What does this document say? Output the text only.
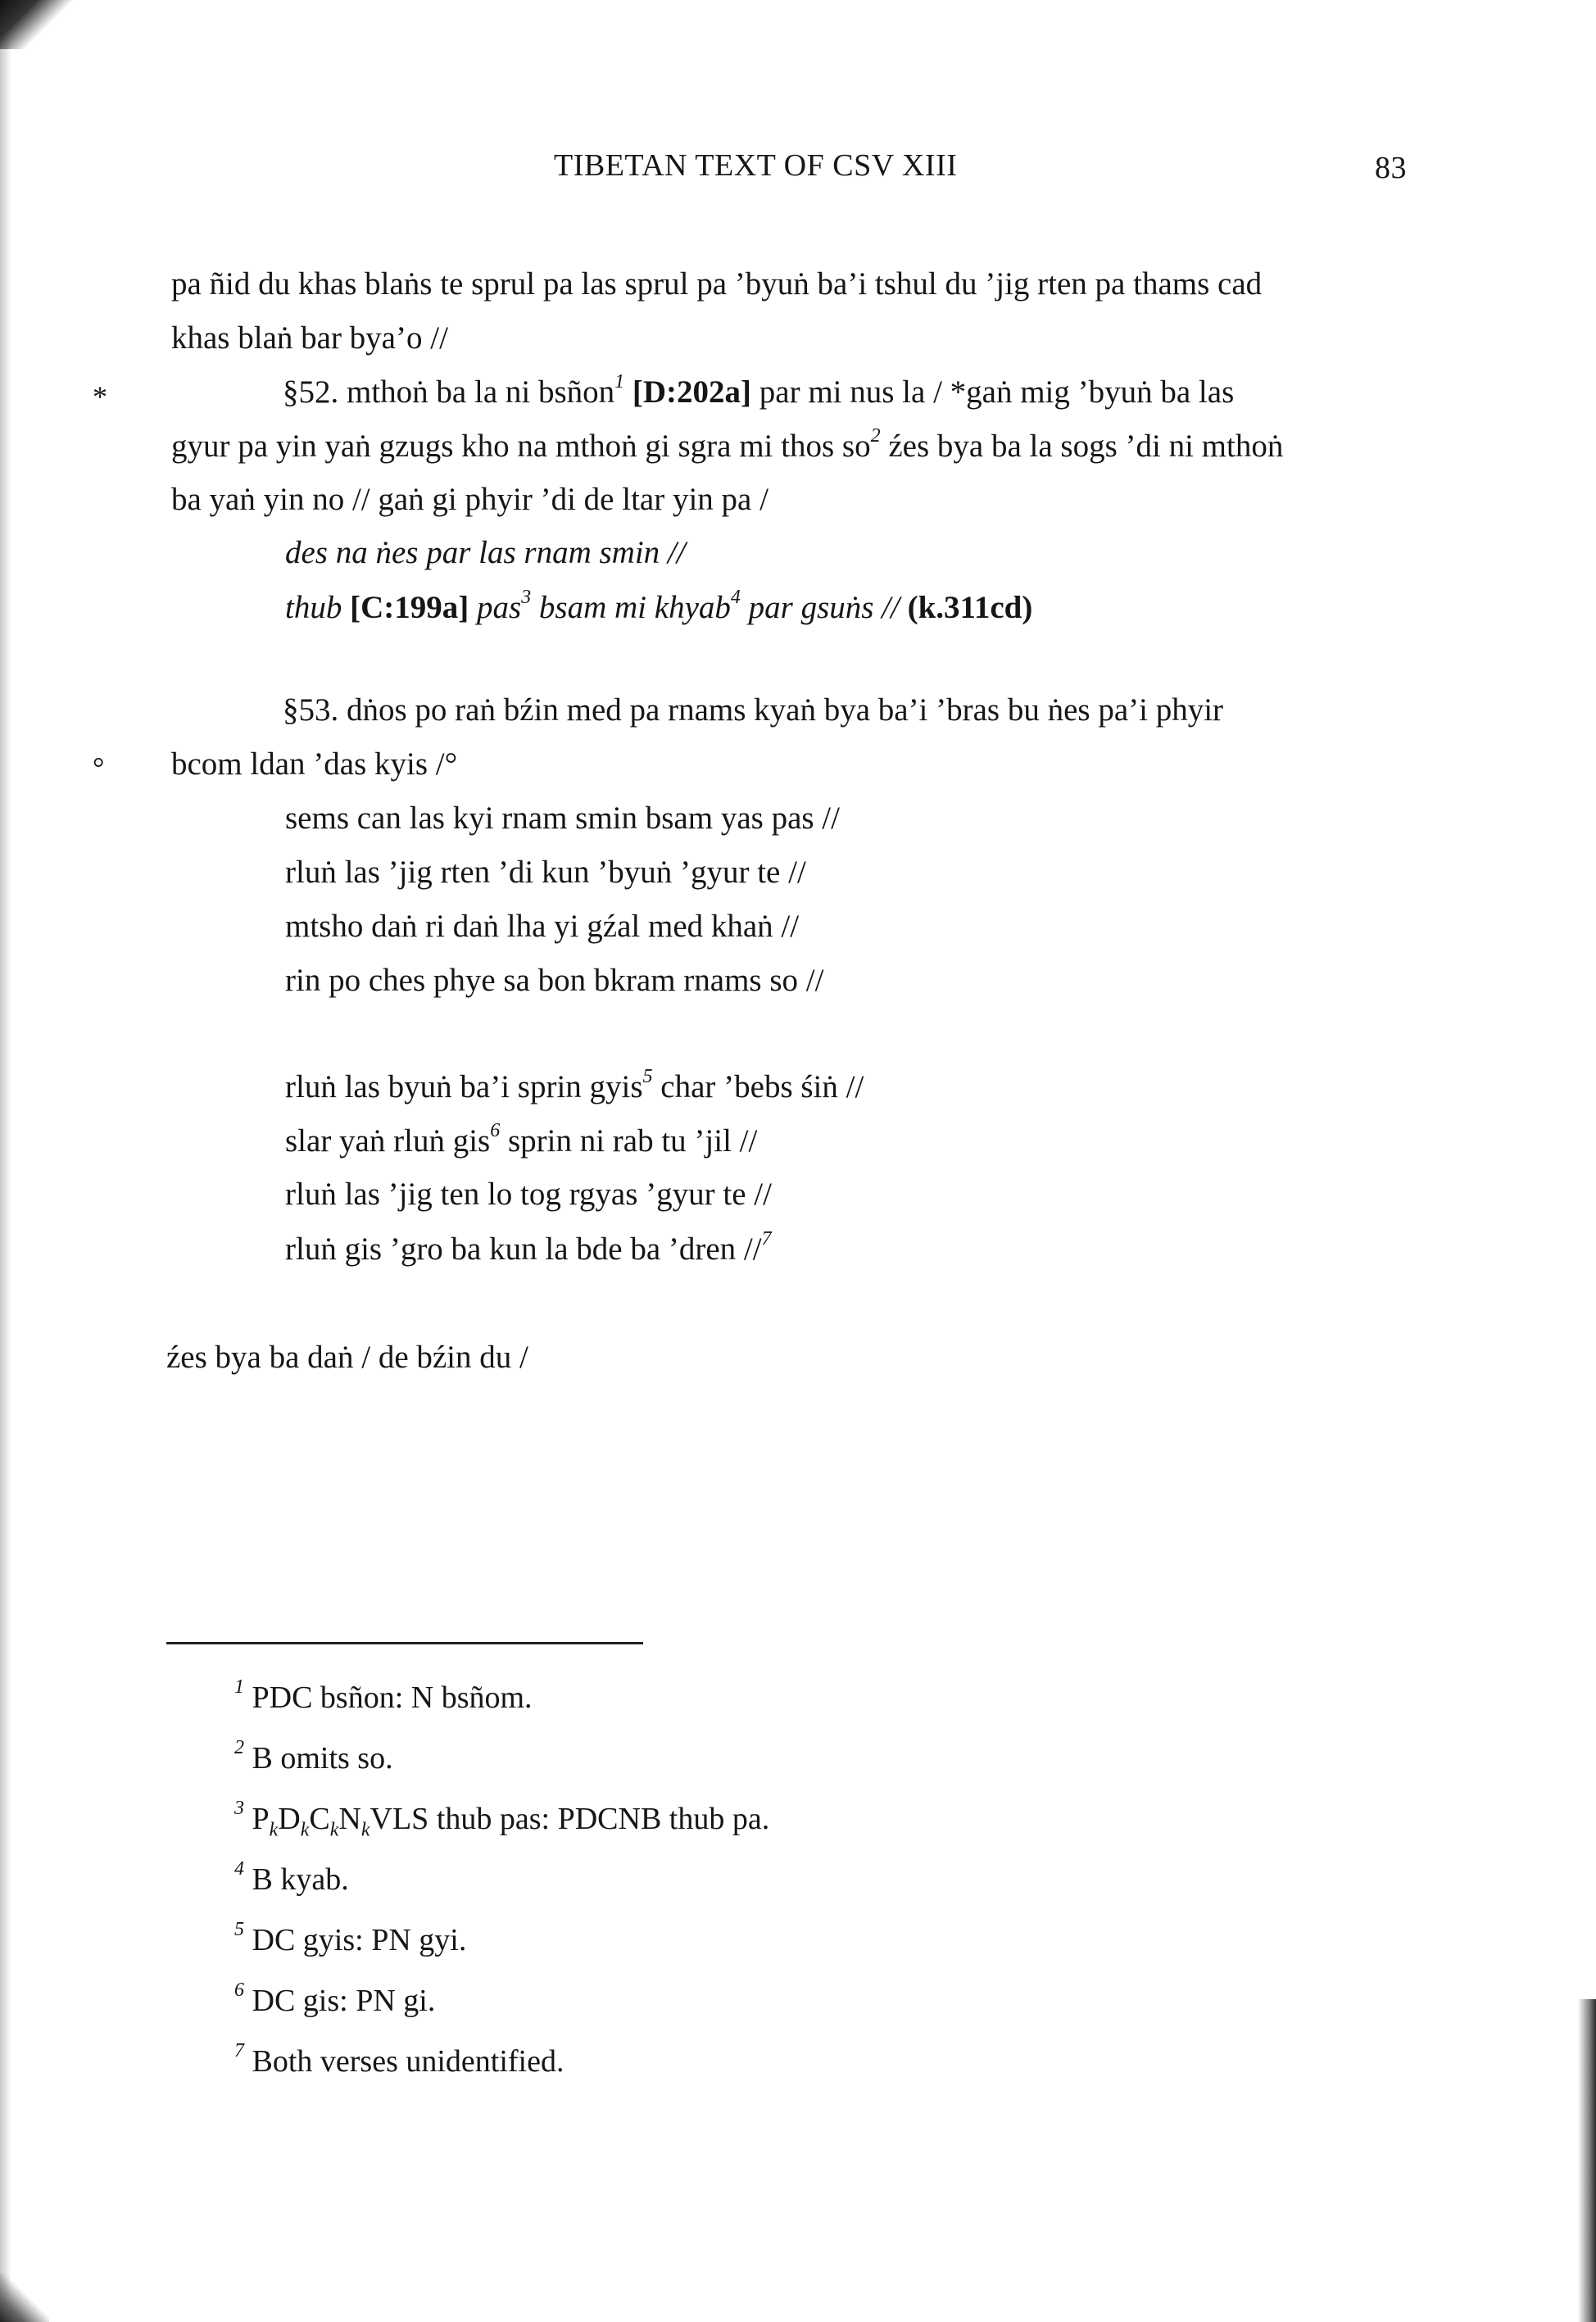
TIBETAN TEXT OF CSV XIII	83
pa ñid du khas blaṅs te sprul pa las sprul pa ’byuṅ ba’i tshul du ’jig rten pa thams cad
khas blaṅ bar bya’o //
*	§52. mthoṅ ba la ni bsñon$^1$ [D:202a] par mi nus la / *gaṅ mig ’byuṅ ba las
gyur pa yin yaṅ gzugs kho na mthoṅ gi sgra mi thos $so^2$ źes bya ba la sogs ’di ni mthoṅ
ba yaṅ yin no // gaṅ gi phyir ’di de ltar yin pa /
des na ṅes par las rnam smin //
thub [C:199a] pas$^3$ bsam mi khyab$^4$ par gsuṅs // (k.311cd)
§53. dṅos po raṅ bźin med pa rnams kyaṅ bya ba’i ’bras bu ṅes pa’i phyir
° bcom ldan ’das kyis /°
sems can las kyi rnam smin bsam yas pas //
rluṅ las ’jig rten ’di kun ’byuṅ ’gyur te //
mtsho daṅ ri daṅ lha yi gźal med khaṅ //
rin po ches phye sa bon bkram rnams so //
rluṅ las byuṅ ba’i sprin gyis$^5$ char ’bebs śiṅ //
slar yaṅ rluṅ gis$^6$ sprin ni rab tu ’jil //
rluṅ las ’jig ten lo tog rgyas ’gyur te //
rluṅ gis ’gro ba kun la bde ba ’dren //$^7$
źes bya ba daṅ / de bźin du /
$^1$ PDC bsñon: N bsñom.
$^2$ B omits so.
$^3$ $P_kD_kC_kN_kVLS$ thub pas: PDCNB thub pa.
$^4$ B kyab.
$^5$ DC gyis: PN gyi.
$^6$ DC gis: PN gi.
$^7$ Both verses unidentified.
